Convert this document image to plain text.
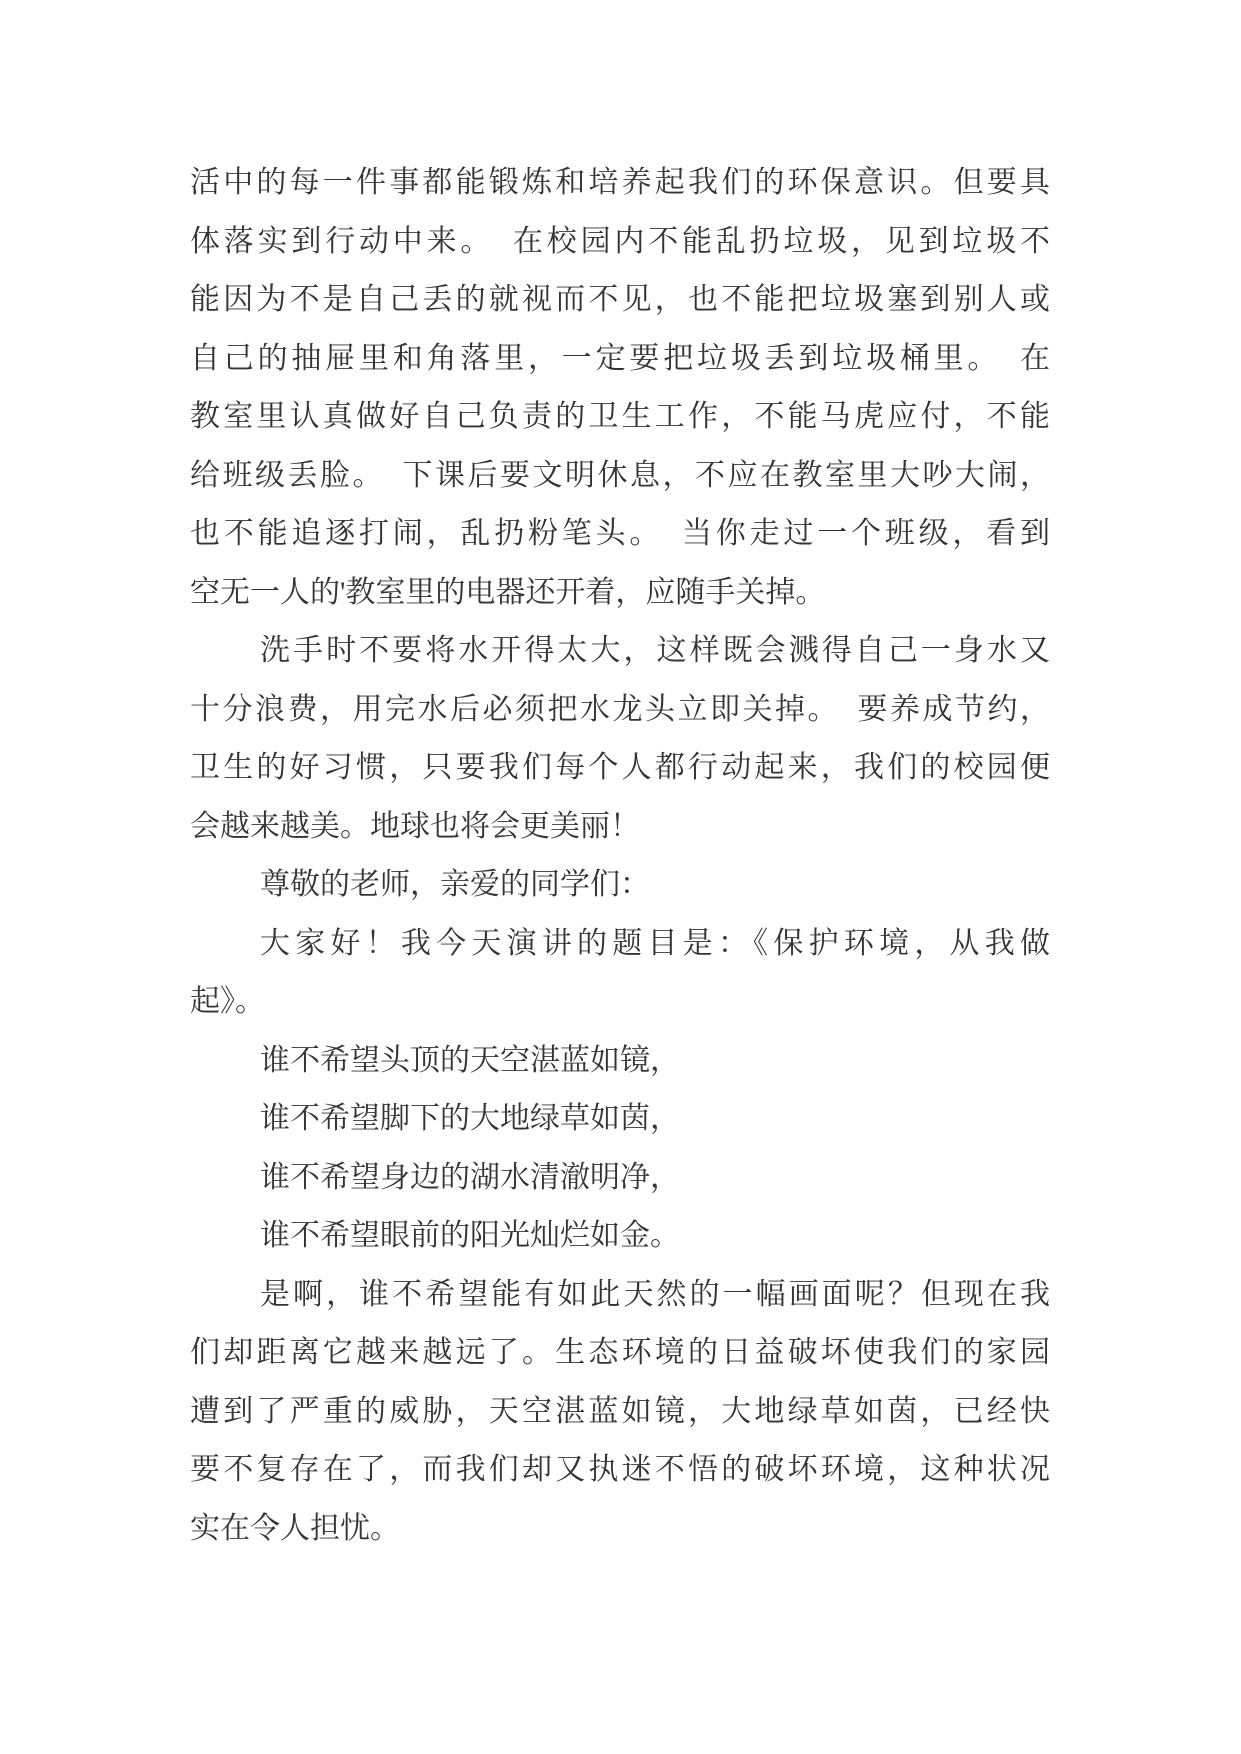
活中的每一件事都能锻炼和培养起我们的环保意识。但要具
体落实到行动中来。　在校园内不能乱扔垃圾，见到垃圾不
能因为不是自己丢的就视而不见，也不能把垃圾塞到别人或
自己的抽屉里和角落里，一定要把垃圾丢到垃圾桶里。　在
教室里认真做好自己负责的卫生工作，不能马虎应付，不能
给班级丢脸。　下课后要文明休息，不应在教室里大吵大闹，
也不能追逐打闹，乱扔粉笔头。　当你走过一个班级，看到
空无一人的'教室里的电器还开着，应随手关掉。
洗手时不要将水开得太大，这样既会溅得自己一身水又
十分浪费，用完水后必须把水龙头立即关掉。　要养成节约，
卫生的好习惯，只要我们每个人都行动起来，我们的校园便
会越来越美。地球也将会更美丽！
尊敬的老师，亲爱的同学们：
大家好！我今天演讲的题目是：《保护环境，从我做
起》。
谁不希望头顶的天空湛蓝如镜，
谁不希望脚下的大地绿草如茵，
谁不希望身边的湖水清澈明净，
谁不希望眼前的阳光灿烂如金。
是啊，谁不希望能有如此天然的一幅画面呢？但现在我
们却距离它越来越远了。生态环境的日益破坏使我们的家园
遭到了严重的威胁，天空湛蓝如镜，大地绿草如茵，已经快
要不复存在了，而我们却又执迷不悟的破坏环境，这种状况
实在令人担忧。
